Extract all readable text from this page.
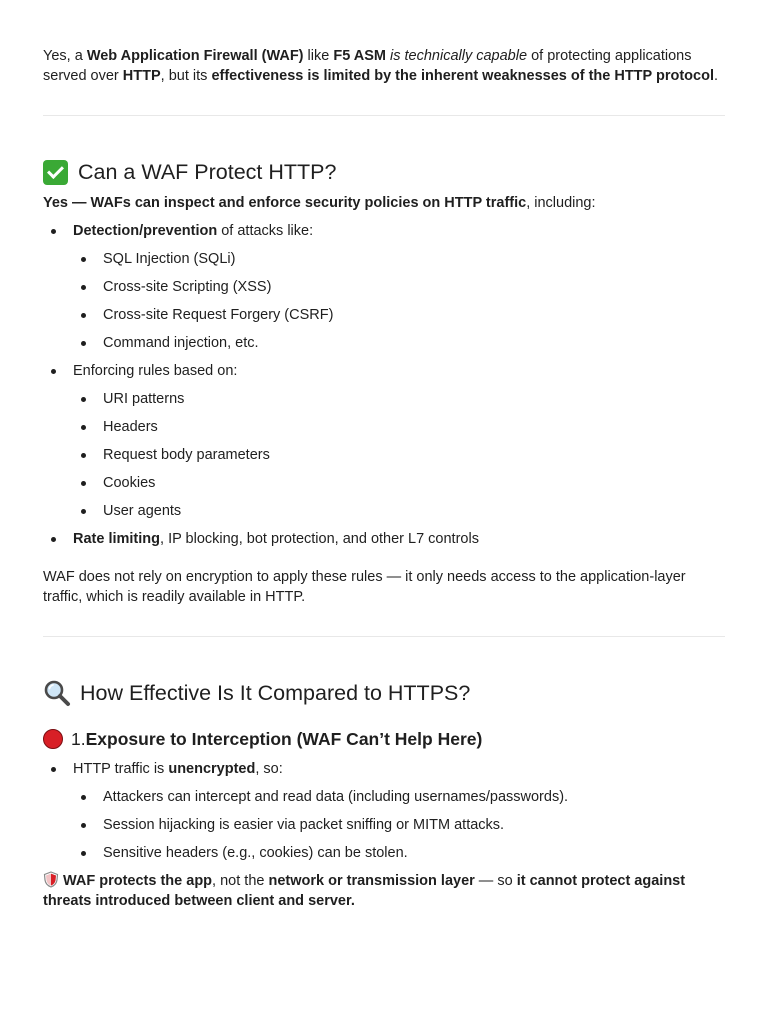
Yes, a Web Application Firewall (WAF) like F5 ASM is technically capable of protecting applications served over HTTP, but its effectiveness is limited by the inherent weaknesses of the HTTP protocol.

Can a WAF Protect HTTP?

Yes — WAFs can inspect and enforce security policies on HTTP traffic, including:

Detection/prevention of attacks like:
SQL Injection (SQLi)
Cross-site Scripting (XSS)
Cross-site Request Forgery (CSRF)
Command injection, etc.
Enforcing rules based on:
URI patterns
Headers
Request body parameters
Cookies
User agents
Rate limiting, IP blocking, bot protection, and other L7 controls

WAF does not rely on encryption to apply these rules — it only needs access to the application-layer traffic, which is readily available in HTTP.

How Effective Is It Compared to HTTPS?
1. Exposure to Interception (WAF Can’t Help Here)
HTTP traffic is unencrypted, so:
Attackers can intercept and read data (including usernames/passwords).
Session hijacking is easier via packet sniffing or MITM attacks.
Sensitive headers (e.g., cookies) can be stolen.

WAF protects the app, not the network or transmission layer — so it cannot protect against threats introduced between client and server.
